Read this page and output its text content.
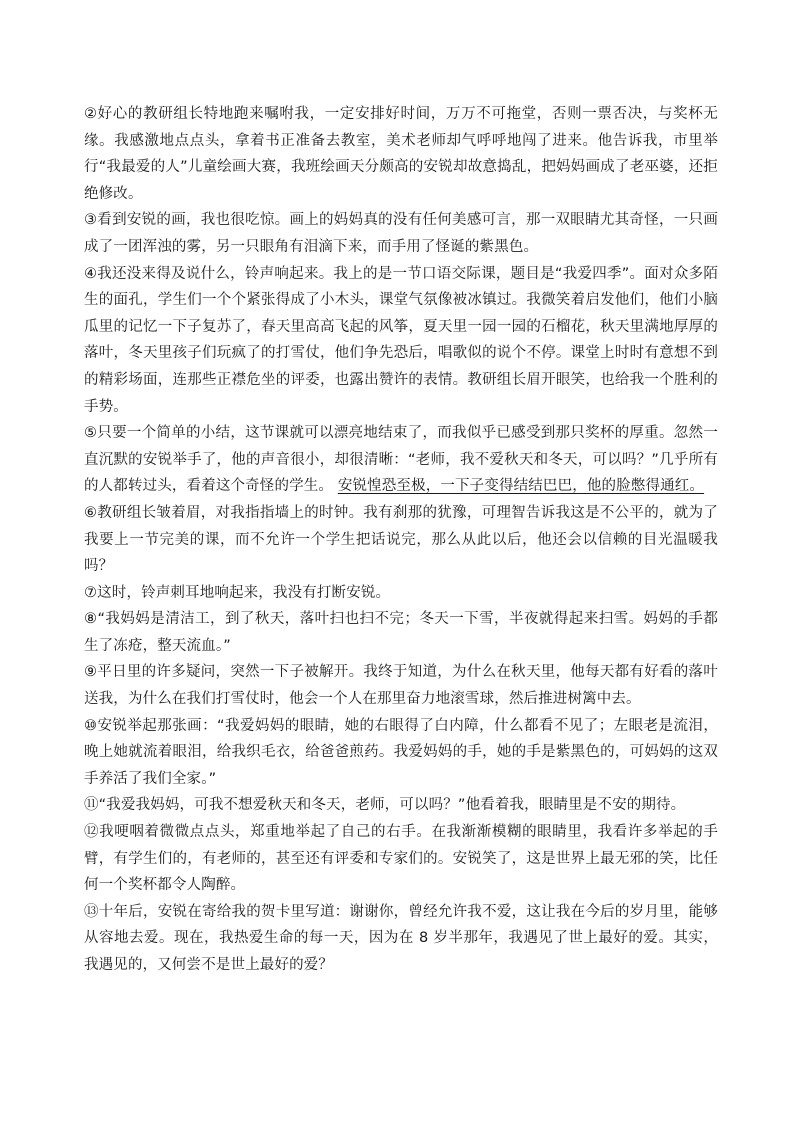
②好心的教研组长特地跑来嘱咐我，一定安排好时间，万万不可拖堂，否则一票否决，与奖杯无缘。我感激地点点头，拿着书正准备去教室，美术老师却气呼呼地闯了进来。他告诉我，市里举行“我最爱的人”儿童绘画大赛，我班绘画天分颇高的安锐却故意捣乱，把妈妈画成了老巫婆，还拒绝修改。

③看到安锐的画，我也很吃惊。画上的妈妈真的没有任何美感可言，那一双眼睛尤其奇怪，一只画成了一团浑浊的雾，另一只眼角有泪滴下来，而手用了怪诞的紫黑色。

④我还没来得及说什么，铃声响起来。我上的是一节口语交际课，题目是“我爱四季”。面对众多陌生的面孔，学生们一个个紧张得成了小木头，课堂气氛像被冰镇过。我微笑着启发他们，他们小脑瓜里的记忆一下子复苏了，春天里高高飞起的风筝，夏天里一园一园的石榴花，秋天里满地厚厚的落叶，冬天里孩子们玩疯了的打雪仗，他们争先恐后，唱歌似的说个不停。课堂上时时有意想不到的精彩场面，连那些正襟危坐的评委，也露出赞许的表情。教研组长眉开眼笑，也给我一个胜利的手势。

⑤只要一个简单的小结，这节课就可以漂亮地结束了，而我似乎已感受到那只奖杯的厚重。忽然一直沉默的安锐举手了，他的声音很小，却很清晰：“老师，我不爱秋天和冬天，可以吗？”几乎所有的人都转过头，看着这个奇怪的学生。 安锐惶恐至极，一下子变得结结巴巴，他的脸憋得通红。

⑥教研组长皱着眉，对我指指墙上的时钟。我有刹那的犹豫，可理智告诉我这是不公平的，就为了我要上一节完美的课，而不允许一个学生把话说完，那么从此以后，他还会以信赖的目光温暖我吗？

⑦这时，铃声刺耳地响起来，我没有打断安锐。

⑧“我妈妈是清洁工，到了秋天，落叶扫也扫不完；冬天一下雪，半夜就得起来扫雪。妈妈的手都生了冻疮，整天流血。”

⑨平日里的许多疑问，突然一下子被解开。我终于知道，为什么在秋天里，他每天都有好看的落叶送我，为什么在我们打雪仗时，他会一个人在那里奋力地滚雪球，然后推进树篱中去。

⑩安锐举起那张画：“我爱妈妈的眼睛，她的右眼得了白内障，什么都看不见了；左眼老是流泪，晚上她就流着眼泪，给我织毛衣，给爸爸煎药。我爱妈妈的手，她的手是紫黑色的，可妈妈的这双手养活了我们全家。”

⑪“我爱我妈妈，可我不想爱秋天和冬天，老师，可以吗？”他看着我，眼睛里是不安的期待。

⑫我哽咽着微微点点头，郑重地举起了自己的右手。在我渐渐模糊的眼睛里，我看许多举起的手臂，有学生们的，有老师的，甚至还有评委和专家们的。安锐笑了，这是世界上最无邪的笑，比任何一个奖杯都令人陶醉。

⑬十年后，安锐在寄给我的贺卡里写道：谢谢你，曾经允许我不爱，这让我在今后的岁月里，能够从容地去爱。现在，我热爱生命的每一天，因为在 8 岁半那年，我遇见了世上最好的爱。其实，我遇见的，又何尝不是世上最好的爱？
